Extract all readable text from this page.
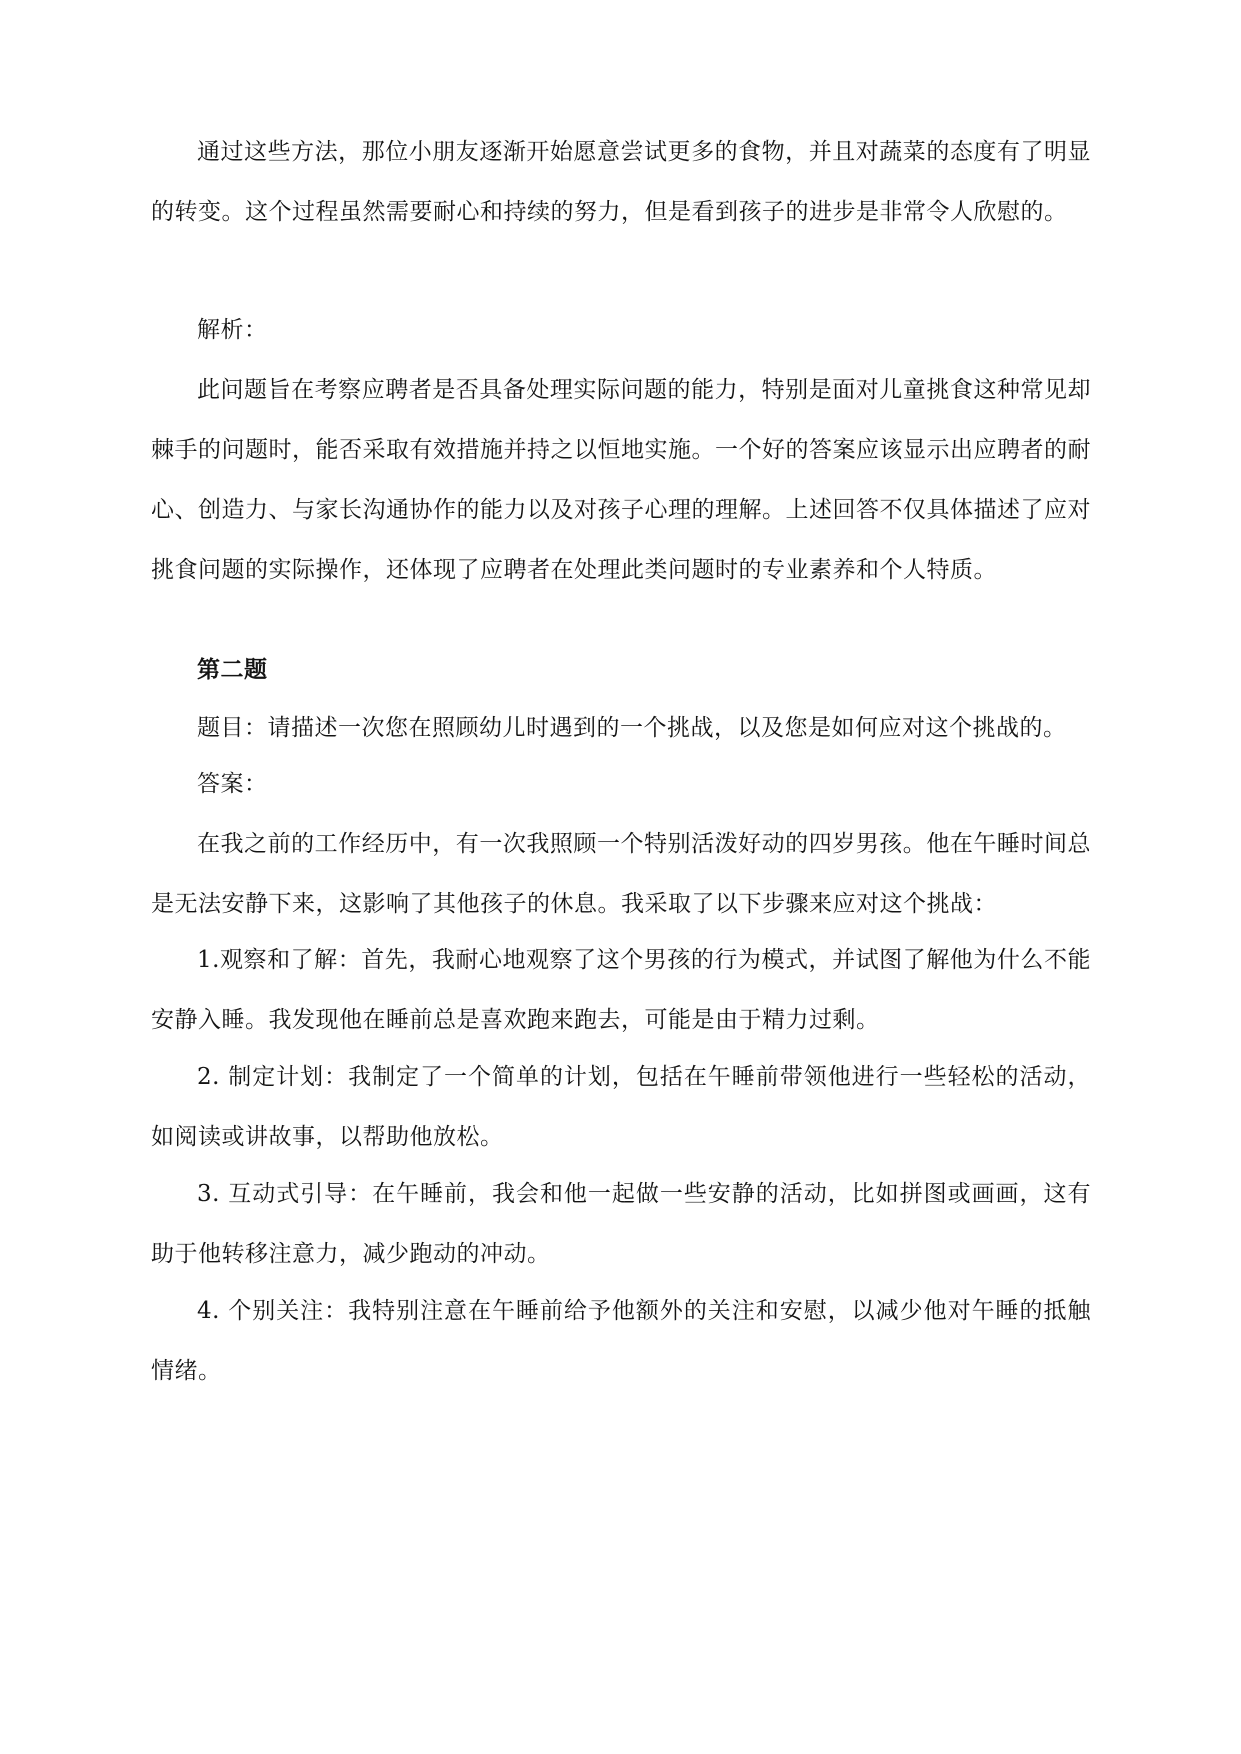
通过这些方法，那位小朋友逐渐开始愿意尝试更多的食物，并且对蔬菜的态度有了明显的转变。这个过程虽然需要耐心和持续的努力，但是看到孩子的进步是非常令人欣慰的。

解析：

此问题旨在考察应聘者是否具备处理实际问题的能力，特别是面对儿童挑食这种常见却棘手的问题时，能否采取有效措施并持之以恒地实施。一个好的答案应该显示出应聘者的耐心、创造力、与家长沟通协作的能力以及对孩子心理的理解。上述回答不仅具体描述了应对挑食问题的实际操作，还体现了应聘者在处理此类问题时的专业素养和个人特质。

第二题

题目：请描述一次您在照顾幼儿时遇到的一个挑战，以及您是如何应对这个挑战的。

答案：

在我之前的工作经历中，有一次我照顾一个特别活泼好动的四岁男孩。他在午睡时间总是无法安静下来，这影响了其他孩子的休息。我采取了以下步骤来应对这个挑战：

1.观察和了解：首先，我耐心地观察了这个男孩的行为模式，并试图了解他为什么不能安静入睡。我发现他在睡前总是喜欢跑来跑去，可能是由于精力过剩。

2. 制定计划：我制定了一个简单的计划，包括在午睡前带领他进行一些轻松的活动，如阅读或讲故事，以帮助他放松。

3. 互动式引导：在午睡前，我会和他一起做一些安静的活动，比如拼图或画画，这有助于他转移注意力，减少跑动的冲动。

4. 个别关注：我特别注意在午睡前给予他额外的关注和安慰，以减少他对午睡的抵触情绪。
